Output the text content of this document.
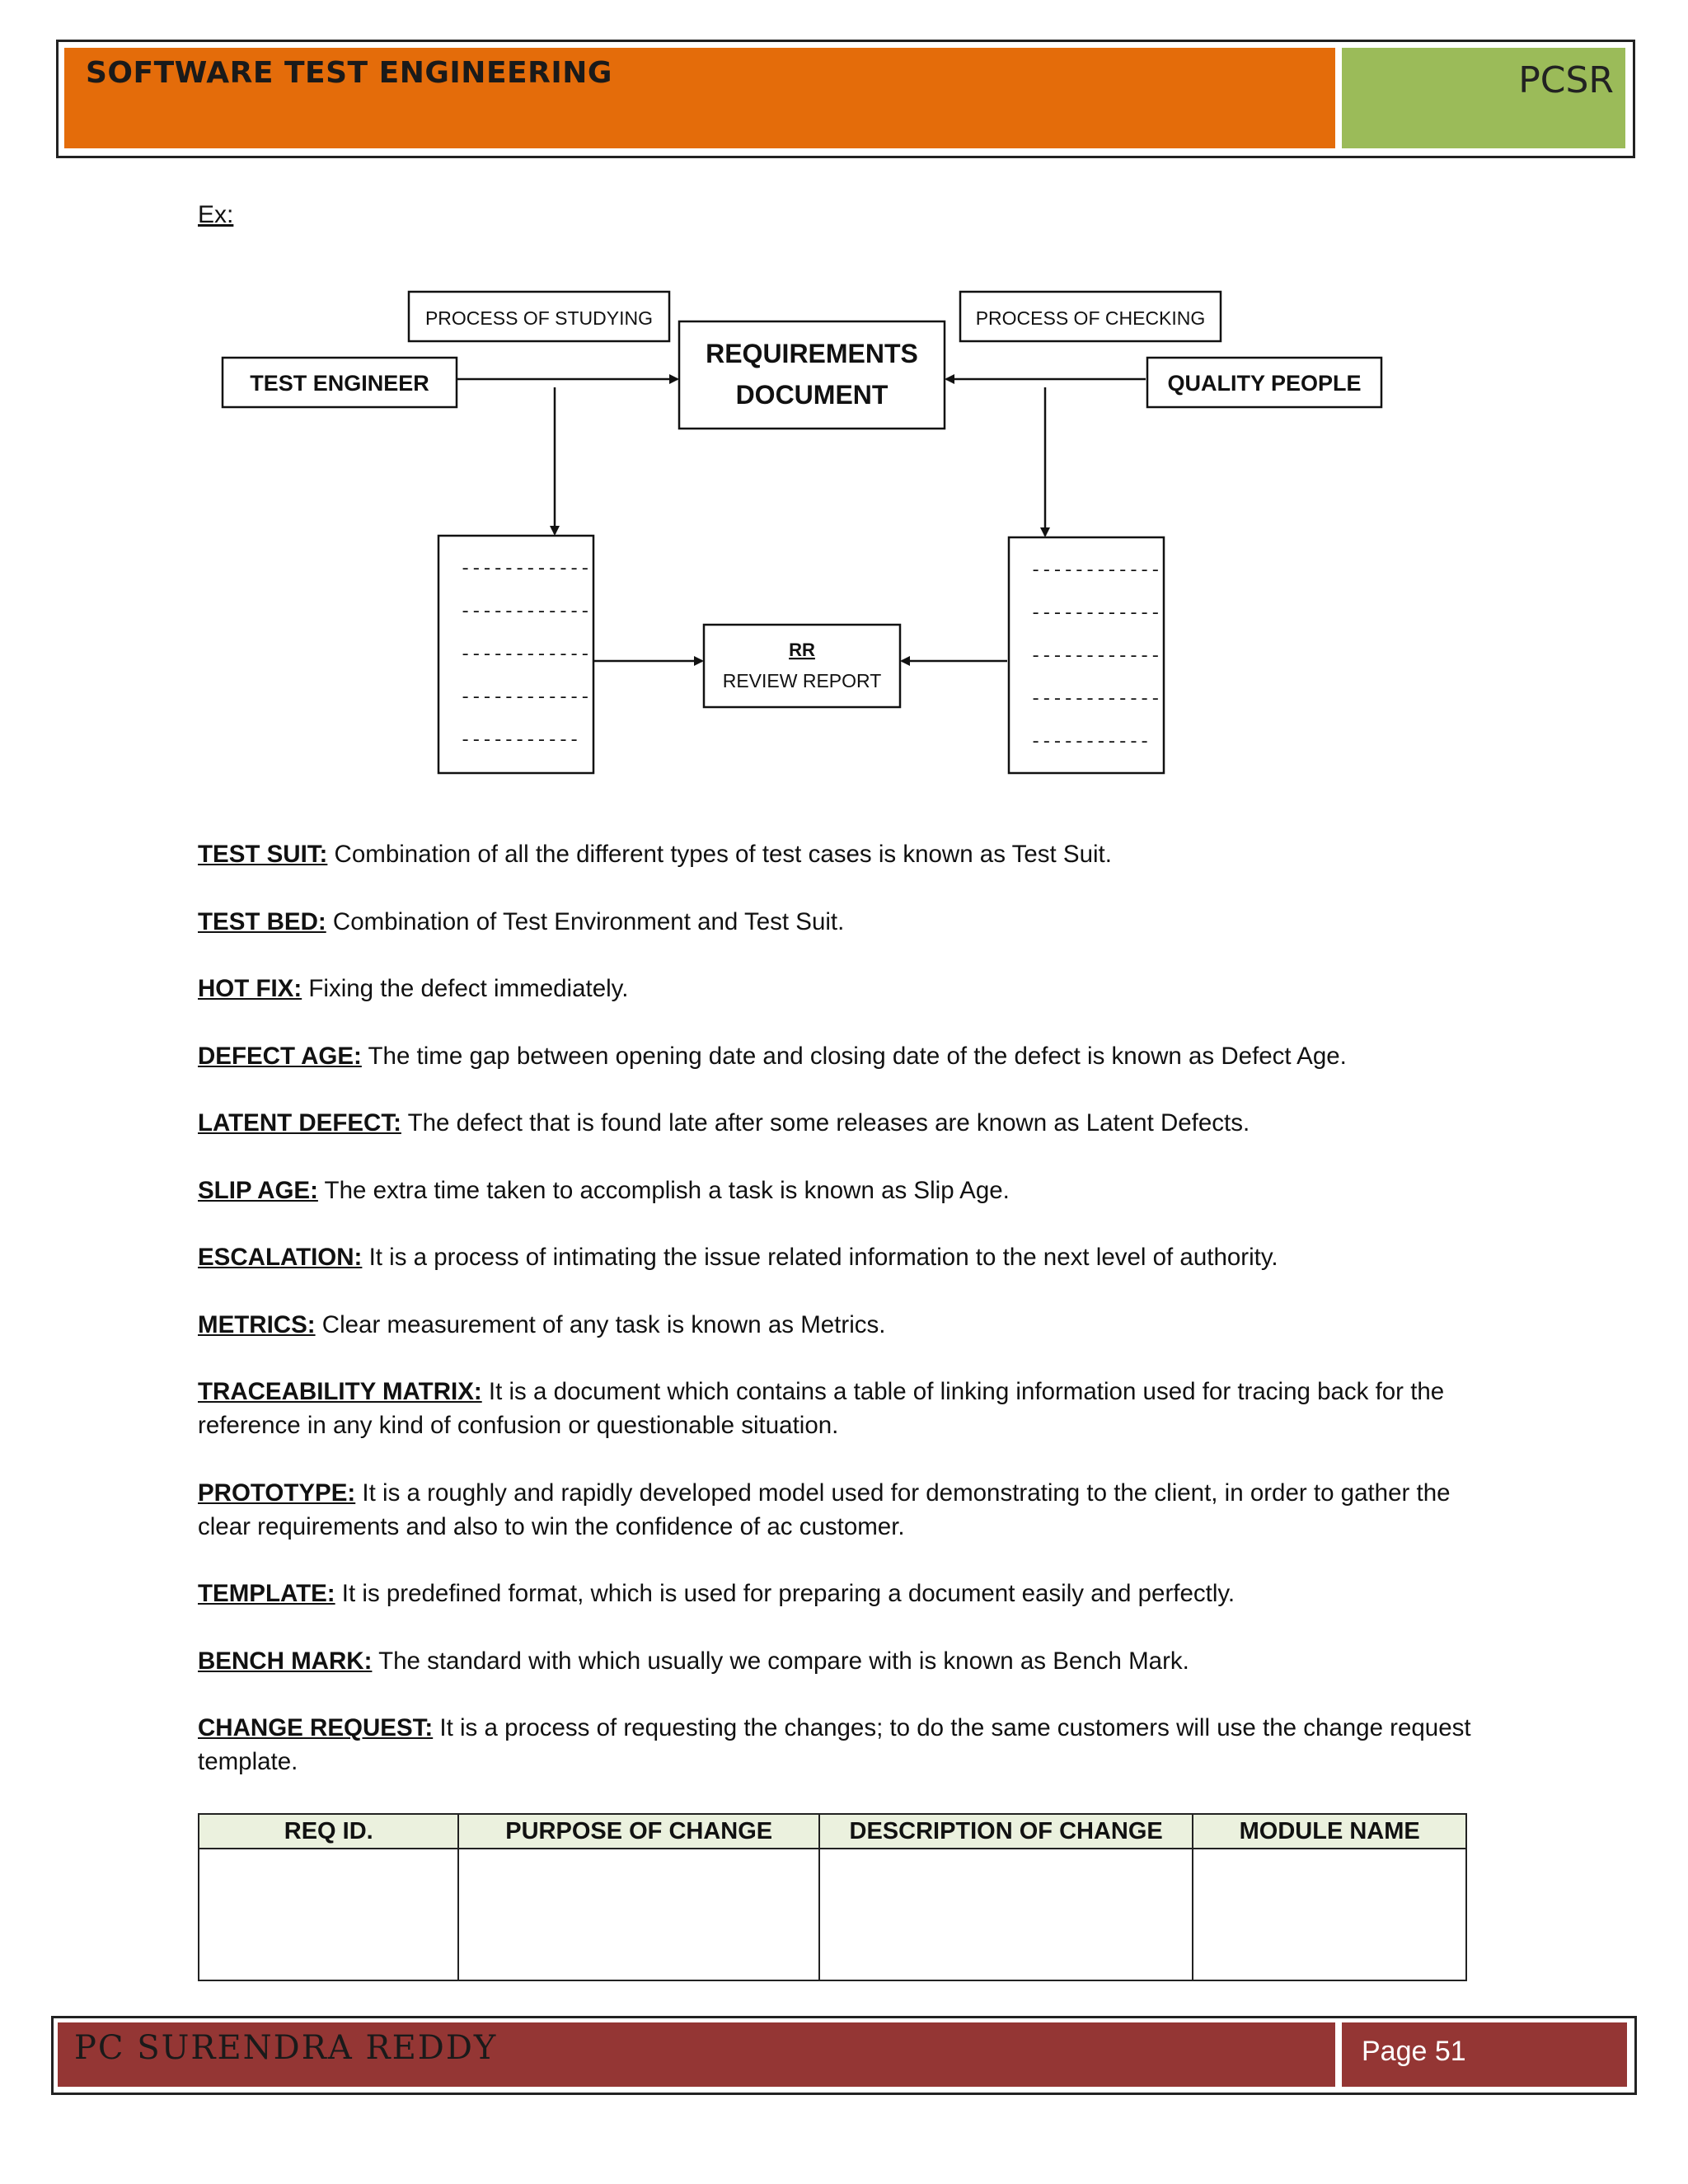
SOFTWARE TEST ENGINEERING	PCSR
Ex:
PROCESS OF STUDYING	PROCESS OF CHECKING
TEST ENGINEER	QUALITY PEOPLE
REQUIREMENTS
DOCUMENT
RR
REVIEW REPORT
------------
------------
------------
------------
-----------
------------
------------
------------
------------
-----------

TEST SUIT: Combination of all the different types of test cases is known as Test Suit.

TEST BED: Combination of Test Environment and Test Suit.

HOT FIX: Fixing the defect immediately.

DEFECT AGE: The time gap between opening date and closing date of the defect is known as Defect Age.

LATENT DEFECT: The defect that is found late after some releases are known as Latent Defects.

SLIP AGE: The extra time taken to accomplish a task is known as Slip Age.

ESCALATION: It is a process of intimating the issue related information to the next level of authority.

METRICS: Clear measurement of any task is known as Metrics.

TRACEABILITY MATRIX: It is a document which contains a table of linking information used for tracing back for the reference in any kind of confusion or questionable situation.

PROTOTYPE: It is a roughly and rapidly developed model used for demonstrating to the client, in order to gather the clear requirements and also to win the confidence of ac customer.

TEMPLATE: It is predefined format, which is used for preparing a document easily and perfectly.

BENCH MARK: The standard with which usually we compare with is known as Bench Mark.

CHANGE REQUEST: It is a process of requesting the changes; to do the same customers will use the change request template.

REQ ID.	PURPOSE OF CHANGE	DESCRIPTION OF CHANGE	MODULE NAME

PC SURENDRA REDDY	Page 51
